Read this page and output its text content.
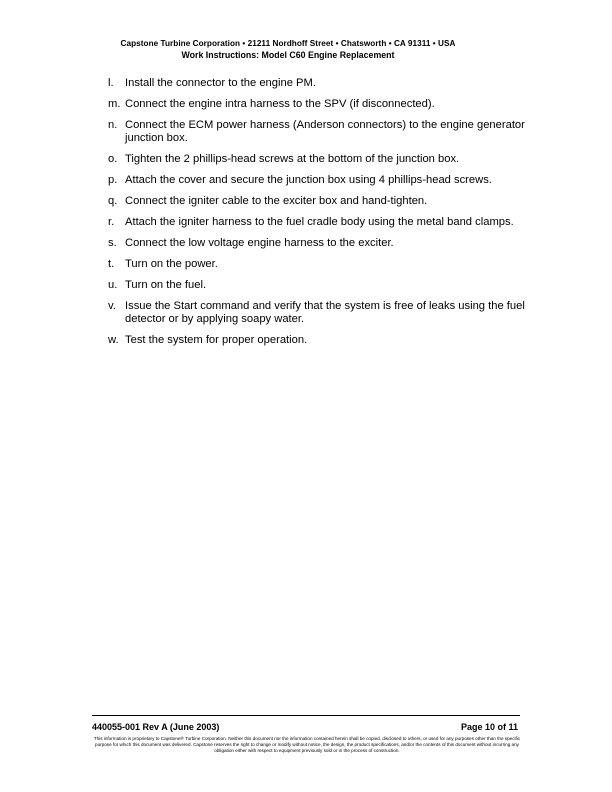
Capstone Turbine Corporation • 21211 Nordhoff Street • Chatsworth • CA 91311 • USA
Work Instructions: Model C60 Engine Replacement
l. Install the connector to the engine PM.
m. Connect the engine intra harness to the SPV (if disconnected).
n. Connect the ECM power harness (Anderson connectors) to the engine generator junction box.
o. Tighten the 2 phillips-head screws at the bottom of the junction box.
p. Attach the cover and secure the junction box using 4 phillips-head screws.
q. Connect the igniter cable to the exciter box and hand-tighten.
r. Attach the igniter harness to the fuel cradle body using the metal band clamps.
s. Connect the low voltage engine harness to the exciter.
t. Turn on the power.
u. Turn on the fuel.
v. Issue the Start command and verify that the system is free of leaks using the fuel detector or by applying soapy water.
w. Test the system for proper operation.
440055-001 Rev A (June 2003)	Page 10 of 11
This information is proprietary to Capstone® Turbine Corporation. Neither this document nor the information contained herein shall be copied, disclosed to others, or used for any purposes other than the specific purpose for which this document was delivered. Capstone reserves the right to change or modify without notice, the design, the product specifications, and/or the contents of this document without incurring any obligation either with respect to equipment previously sold or in the process of construction.
